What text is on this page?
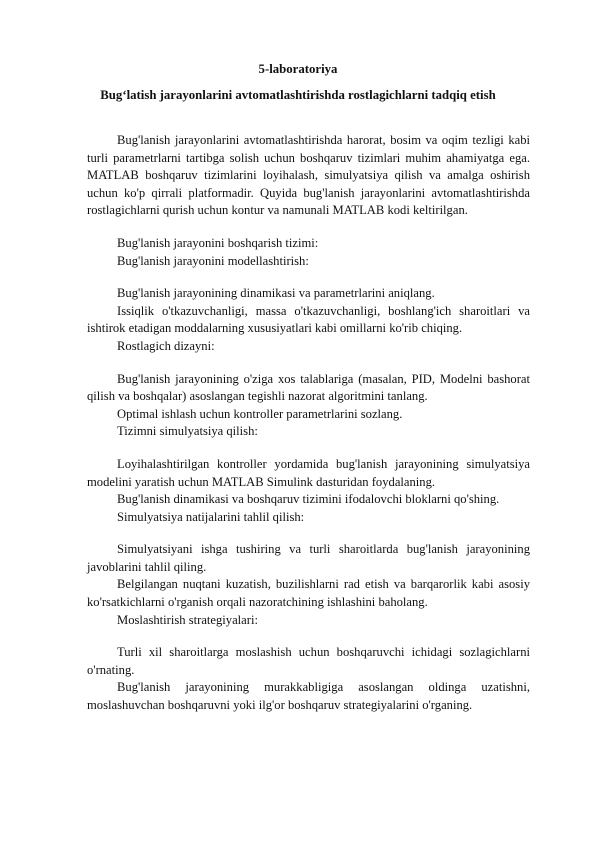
5-laboratoriya
Bug‘latish jarayonlarini avtomatlashtirishda rostlagichlarni tadqiq etish

Bug'lanish jarayonlarini avtomatlashtirishda harorat, bosim va oqim tezligi kabi turli parametrlarni tartibga solish uchun boshqaruv tizimlari muhim ahamiyatga ega. MATLAB boshqaruv tizimlarini loyihalash, simulyatsiya qilish va amalga oshirish uchun ko'p qirrali platformadir. Quyida bug'lanish jarayonlarini avtomatlashtirishda rostlagichlarni qurish uchun kontur va namunali MATLAB kodi keltirilgan.

Bug'lanish jarayonini boshqarish tizimi:

Bug'lanish jarayonini modellashtirish:

Bug'lanish jarayonining dinamikasi va parametrlarini aniqlang.

Issiqlik o'tkazuvchanligi, massa o'tkazuvchanligi, boshlang'ich sharoitlari va ishtirok etadigan moddalarning xususiyatlari kabi omillarni ko'rib chiqing.

Rostlagich dizayni:

Bug'lanish jarayonining o'ziga xos talablariga (masalan, PID, Modelni bashorat qilish va boshqalar) asoslangan tegishli nazorat algoritmini tanlang.

Optimal ishlash uchun kontroller parametrlarini sozlang.

Tizimni simulyatsiya qilish:

Loyihalashtirilgan kontroller yordamida bug'lanish jarayonining simulyatsiya modelini yaratish uchun MATLAB Simulink dasturidan foydalaning.

Bug'lanish dinamikasi va boshqaruv tizimini ifodalovchi bloklarni qo'shing.

Simulyatsiya natijalarini tahlil qilish:

Simulyatsiyani ishga tushiring va turli sharoitlarda bug'lanish jarayonining javoblarini tahlil qiling.

Belgilangan nuqtani kuzatish, buzilishlarni rad etish va barqarorlik kabi asosiy ko'rsatkichlarni o'rganish orqali nazoratchining ishlashini baholang.

Moslashtirish strategiyalari:

Turli xil sharoitlarga moslashish uchun boshqaruvchi ichidagi sozlagichlarni o'rnating.

Bug'lanish jarayonining murakkabligiga asoslangan oldinga uzatishni, moslashuvchan boshqaruvni yoki ilg'or boshqaruv strategiyalarini o'rganing.
